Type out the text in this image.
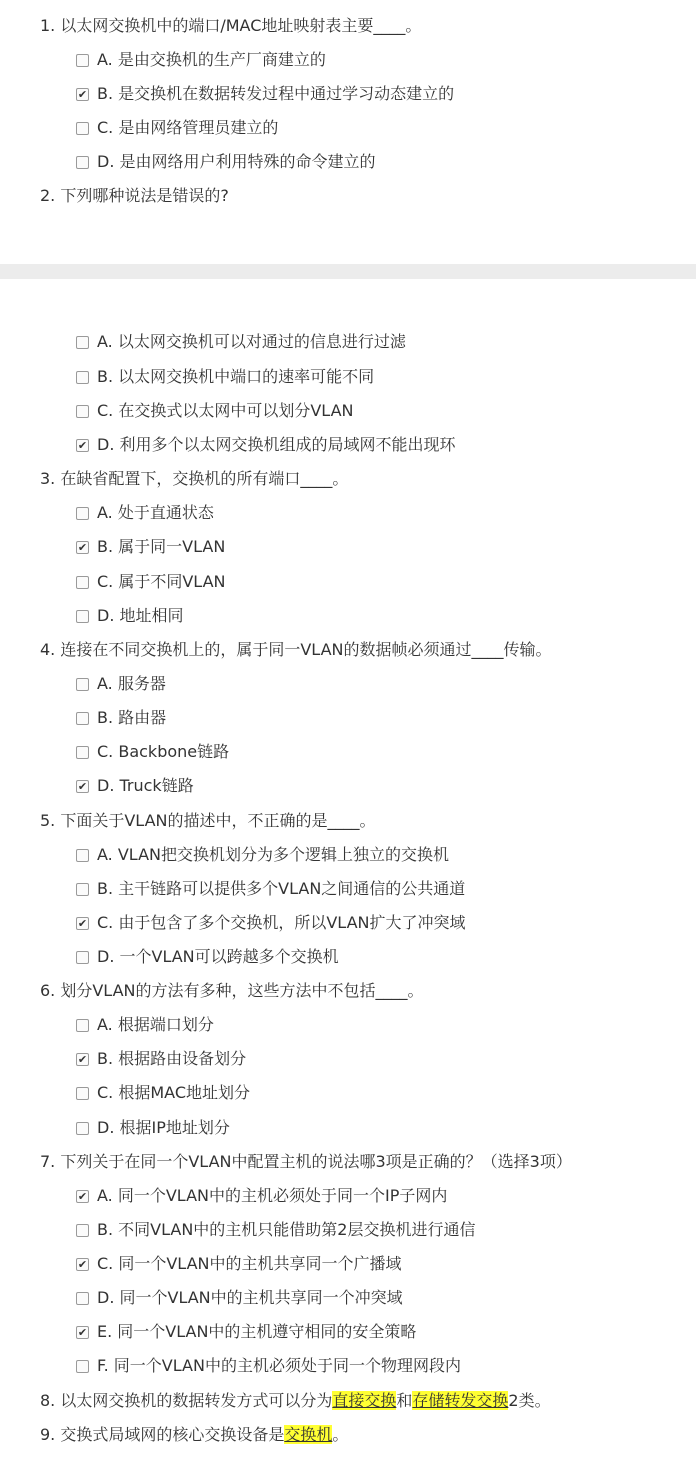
1. 以太网交换机中的端口/MAC地址映射表主要____。
A. 是由交换机的生产厂商建立的
✔ B. 是交换机在数据转发过程中通过学习动态建立的
C. 是由网络管理员建立的
D. 是由网络用户利用特殊的命令建立的
2. 下列哪种说法是错误的?
A. 以太网交换机可以对通过的信息进行过滤
B. 以太网交换机中端口的速率可能不同
C. 在交换式以太网中可以划分VLAN
✔ D. 利用多个以太网交换机组成的局域网不能出现环
3. 在缺省配置下，交换机的所有端口____。
A. 处于直通状态
✔ B. 属于同一VLAN
C. 属于不同VLAN
D. 地址相同
4. 连接在不同交换机上的，属于同一VLAN的数据帧必须通过____传输。
A. 服务器
B. 路由器
C. Backbone链路
✔ D. Truck链路
5. 下面关于VLAN的描述中，不正确的是____。
A. VLAN把交换机划分为多个逻辑上独立的交换机
B. 主干链路可以提供多个VLAN之间通信的公共通道
✔ C. 由于包含了多个交换机，所以VLAN扩大了冲突域
D. 一个VLAN可以跨越多个交换机
6. 划分VLAN的方法有多种，这些方法中不包括____。
A. 根据端口划分
✔ B. 根据路由设备划分
C. 根据MAC地址划分
D. 根据IP地址划分
7. 下列关于在同一个VLAN中配置主机的说法哪3项是正确的？（选择3项）
✔ A. 同一个VLAN中的主机必须处于同一个IP子网内
B. 不同VLAN中的主机只能借助第2层交换机进行通信
✔ C. 同一个VLAN中的主机共享同一个广播域
D. 同一个VLAN中的主机共享同一个冲突域
✔ E. 同一个VLAN中的主机遵守相同的安全策略
F. 同一个VLAN中的主机必须处于同一个物理网段内
8. 以太网交换机的数据转发方式可以分为直接交换和存储转发交换2类。
9. 交换式局域网的核心交换设备是交换机。
